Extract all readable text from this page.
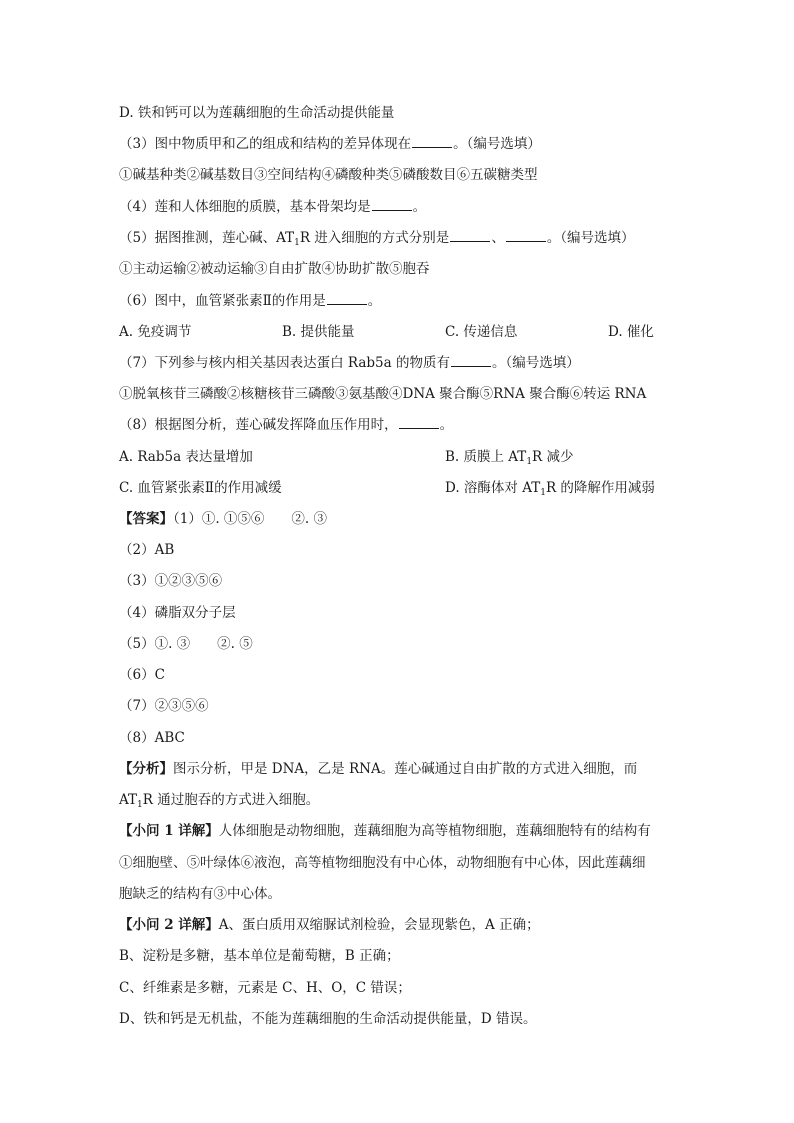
D. 铁和钙可以为莲藕细胞的生命活动提供能量
（3）图中物质甲和乙的组成和结构的差异体现在	。（编号选填）
①碱基种类②碱基数目③空间结构④磷酸种类⑤磷酸数目⑥五碳糖类型
（4）莲和人体细胞的质膜，基本骨架均是	。
（5）据图推测，莲心碱、$AT_1R$ 进入细胞的方式分别是	、	。（编号选填）
①主动运输②被动运输③自由扩散④协助扩散⑤胞吞
（6）图中，血管紧张素Ⅱ的作用是	。
A. 免疫调节	B. 提供能量	C. 传递信息	D. 催化
（7）下列参与核内相关基因表达蛋白 Rab5a 的物质有	。（编号选填）
①脱氧核苷三磷酸②核糖核苷三磷酸③氨基酸④DNA 聚合酶⑤RNA 聚合酶⑥转运 RNA
（8）根据图分析，莲心碱发挥降血压作用时，	。
A. Rab5a 表达量增加	B. 质膜上 $AT_1R$ 减少
C. 血管紧张素Ⅱ的作用减缓	D. 溶酶体对 $AT_1R$ 的降解作用减弱
【答案】（1）①. ①⑤⑥　　②. ③
（2）AB
（3）①②③⑤⑥
（4）磷脂双分子层
（5）①. ③　　②. ⑤
（6）C
（7）②③⑤⑥
（8）ABC
【分析】图示分析，甲是 DNA，乙是 RNA。莲心碱通过自由扩散的方式进入细胞，而
$AT_1R$ 通过胞吞的方式进入细胞。
【小问 1 详解】人体细胞是动物细胞，莲藕细胞为高等植物细胞，莲藕细胞特有的结构有
①细胞壁、⑤叶绿体⑥液泡，高等植物细胞没有中心体，动物细胞有中心体，因此莲藕细
胞缺乏的结构有③中心体。
【小问 2 详解】A、蛋白质用双缩脲试剂检验，会显现紫色，A 正确；
B、淀粉是多糖，基本单位是葡萄糖，B 正确；
C、纤维素是多糖，元素是 C、H、O，C 错误；
D、铁和钙是无机盐，不能为莲藕细胞的生命活动提供能量，D 错误。
